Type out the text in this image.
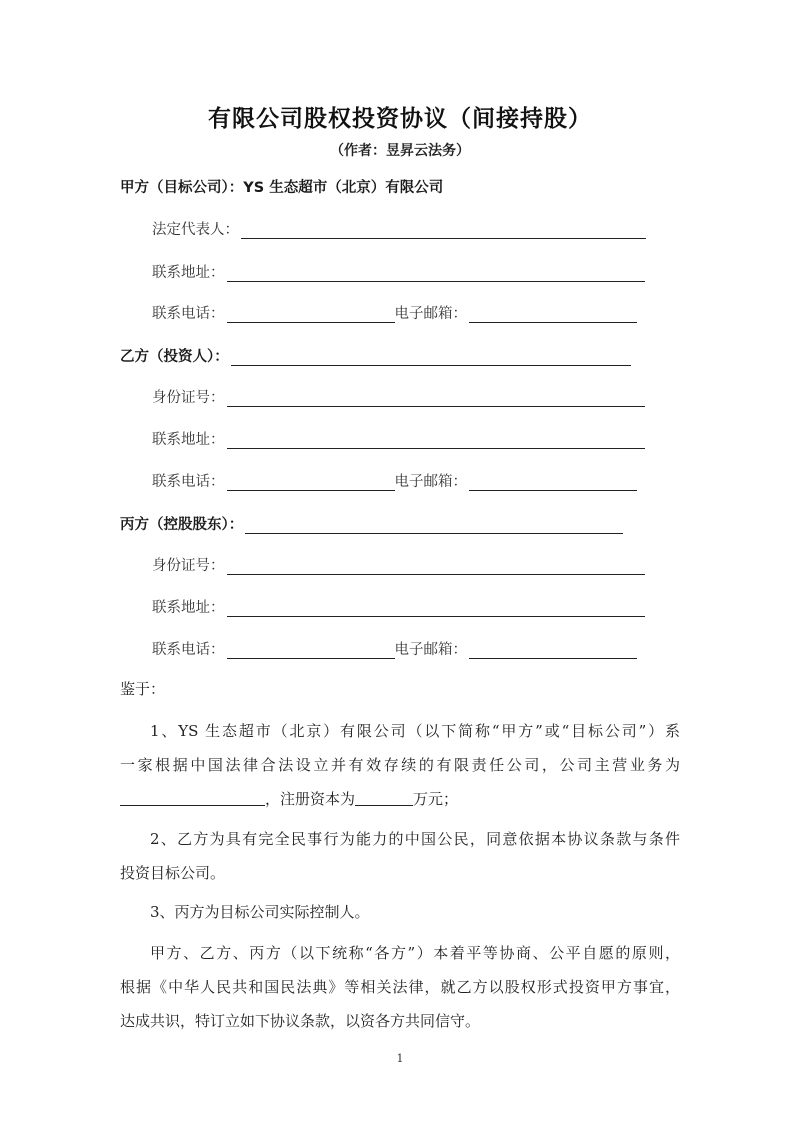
有限公司股权投资协议（间接持股）
（作者：昱昇云法务）
甲方（目标公司）： YS 生态超市（北京）有限公司
法定代表人：
联系地址：
联系电话：	电子邮箱：
乙方（投资人）：
身份证号：
联系地址：
联系电话：	电子邮箱：
丙方（控股股东）：
身份证号：
联系地址：
联系电话：	电子邮箱：
鉴于：
1、YS 生态超市（北京）有限公司（以下简称“甲方”或“目标公司”）系
一家根据中国法律合法设立并有效存续的有限责任公司，公司主营业务为
，注册资本为	万元；
2、乙方为具有完全民事行为能力的中国公民，同意依据本协议条款与条件
投资目标公司。
3、丙方为目标公司实际控制人。
甲方、乙方、丙方（以下统称“各方”）本着平等协商、公平自愿的原则，
根据《中华人民共和国民法典》等相关法律，就乙方以股权形式投资甲方事宜，
达成共识，特订立如下协议条款，以资各方共同信守。
1
